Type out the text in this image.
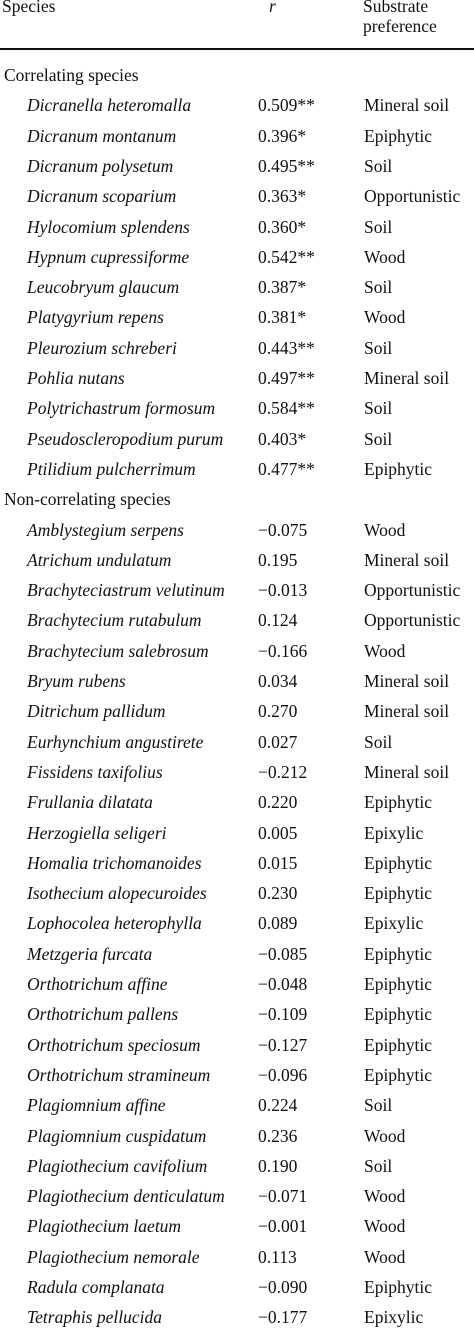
Species	r	Substrate
preference
Correlating species
Dicranella heteromalla	0.509**	Mineral soil
Dicranum montanum	0.396*	Epiphytic
Dicranum polysetum	0.495**	Soil
Dicranum scoparium	0.363*	Opportunistic
Hylocomium splendens	0.360*	Soil
Hypnum cupressiforme	0.542**	Wood
Leucobryum glaucum	0.387*	Soil
Platygyrium repens	0.381*	Wood
Pleurozium schreberi	0.443**	Soil
Pohlia nutans	0.497**	Mineral soil
Polytrichastrum formosum 0.584**	Soil
Pseudoscleropodium purum 0.403*	Soil
Ptilidium pulcherrimum	0.477**	Epiphytic
Non-correlating species
Amblystegium serpens	−0.075	Wood
Atrichum undulatum	0.195	Mineral soil
Brachyteciastrum velutinum −0.013	Opportunistic
Brachytecium rutabulum	0.124	Opportunistic
Brachytecium salebrosum	−0.166	Wood
Bryum rubens	0.034	Mineral soil
Ditrichum pallidum	0.270	Mineral soil
Eurhynchium angustirete	0.027	Soil
Fissidens taxifolius	−0.212	Mineral soil
Frullania dilatata	0.220	Epiphytic
Herzogiella seligeri	0.005	Epixylic
Homalia trichomanoides	0.015	Epiphytic
Isothecium alopecuroides	0.230	Epiphytic
Lophocolea heterophylla	0.089	Epixylic
Metzgeria furcata	−0.085	Epiphytic
Orthotrichum affine	−0.048	Epiphytic
Orthotrichum pallens	−0.109	Epiphytic
Orthotrichum speciosum	−0.127	Epiphytic
Orthotrichum stramineum	−0.096	Epiphytic
Plagiomnium affine	0.224	Soil
Plagiomnium cuspidatum	0.236	Wood
Plagiothecium cavifolium	0.190	Soil
Plagiothecium denticulatum −0.071	Wood
Plagiothecium laetum	−0.001	Wood
Plagiothecium nemorale	0.113	Wood
Radula complanata	−0.090	Epiphytic
Tetraphis pellucida	−0.177	Epixylic
